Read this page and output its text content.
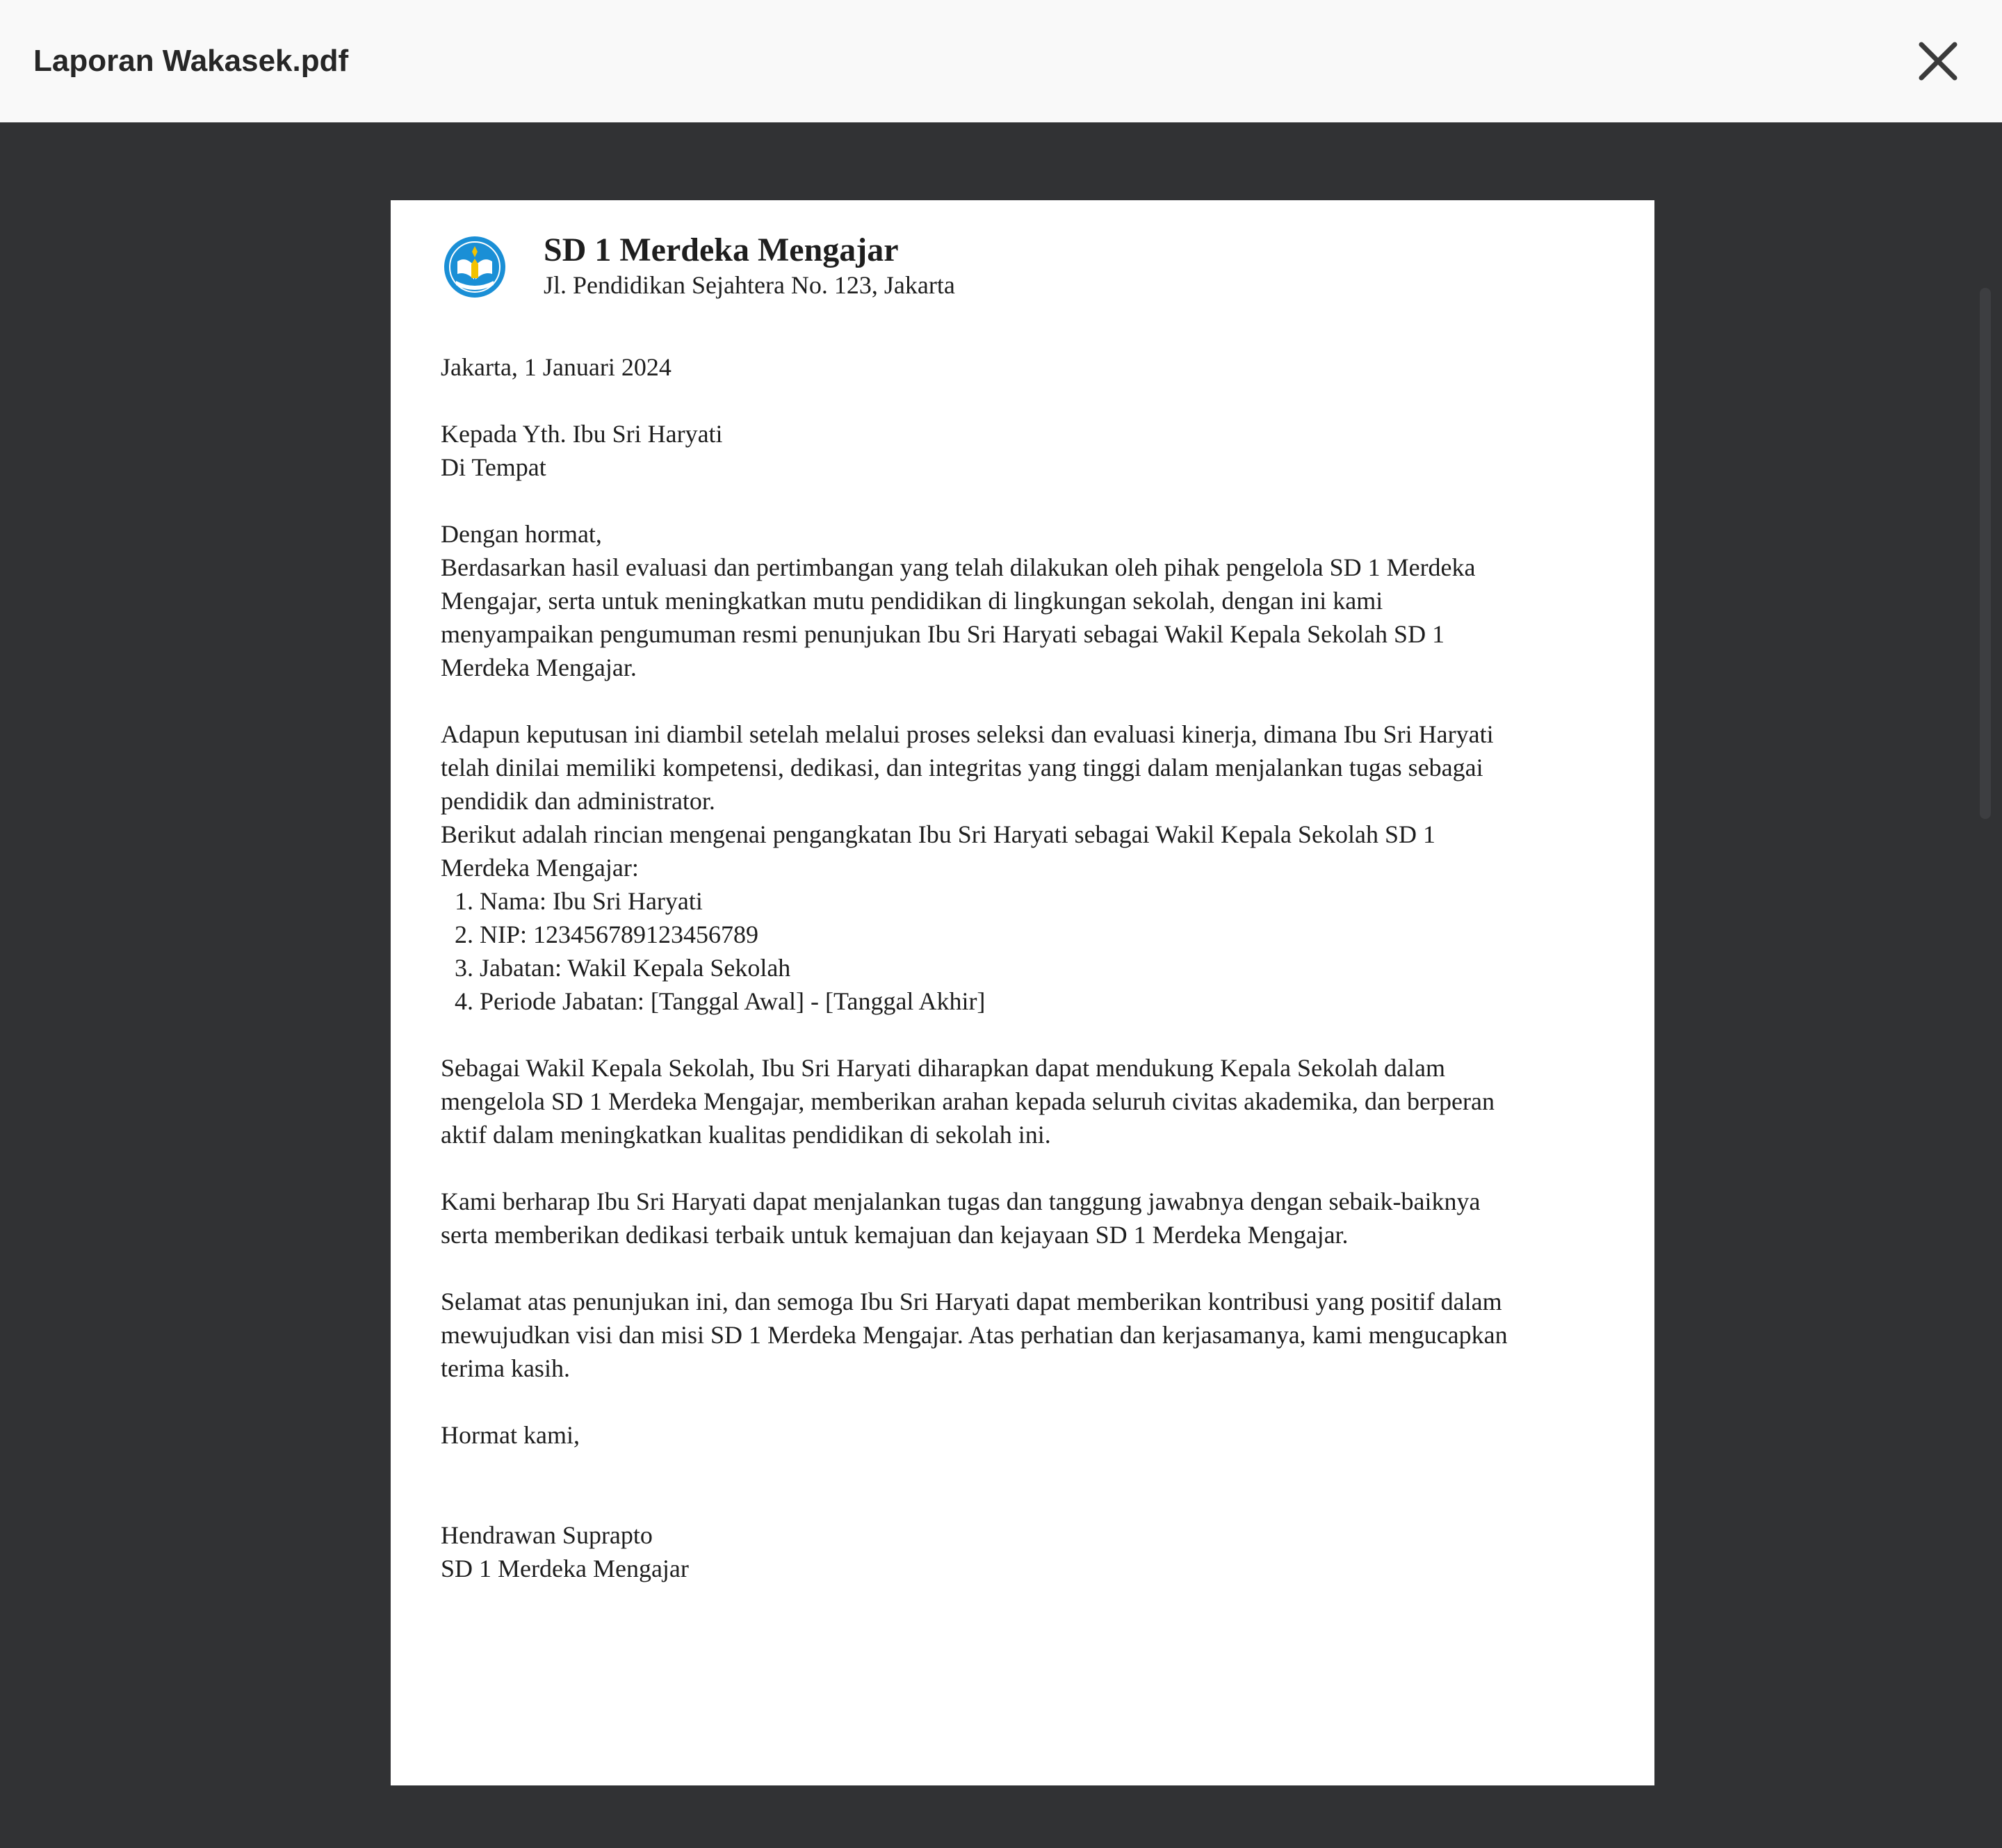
Laporan Wakasek.pdf
SD 1 Merdeka Mengajar
Jl. Pendidikan Sejahtera No. 123, Jakarta

Jakarta, 1 Januari 2024

Kepada Yth. Ibu Sri Haryati

Di Tempat

Dengan hormat,

Berdasarkan hasil evaluasi dan pertimbangan yang telah dilakukan oleh pihak pengelola SD 1 Merdeka Mengajar, serta untuk meningkatkan mutu pendidikan di lingkungan sekolah, dengan ini kami menyampaikan pengumuman resmi penunjukan Ibu Sri Haryati sebagai Wakil Kepala Sekolah SD 1 Merdeka Mengajar.

Adapun keputusan ini diambil setelah melalui proses seleksi dan evaluasi kinerja, dimana Ibu Sri Haryati telah dinilai memiliki kompetensi, dedikasi, dan integritas yang tinggi dalam menjalankan tugas sebagai pendidik dan administrator.

Berikut adalah rincian mengenai pengangkatan Ibu Sri Haryati sebagai Wakil Kepala Sekolah SD 1 Merdeka Mengajar:

1. Nama: Ibu Sri Haryati
2. NIP: 123456789123456789
3. Jabatan: Wakil Kepala Sekolah
4. Periode Jabatan: [Tanggal Awal] - [Tanggal Akhir]

Sebagai Wakil Kepala Sekolah, Ibu Sri Haryati diharapkan dapat mendukung Kepala Sekolah dalam mengelola SD 1 Merdeka Mengajar, memberikan arahan kepada seluruh civitas akademika, dan berperan aktif dalam meningkatkan kualitas pendidikan di sekolah ini.

Kami berharap Ibu Sri Haryati dapat menjalankan tugas dan tanggung jawabnya dengan sebaik-baiknya serta memberikan dedikasi terbaik untuk kemajuan dan kejayaan SD 1 Merdeka Mengajar.

Selamat atas penunjukan ini, dan semoga Ibu Sri Haryati dapat memberikan kontribusi yang positif dalam mewujudkan visi dan misi SD 1 Merdeka Mengajar. Atas perhatian dan kerjasamanya, kami mengucapkan terima kasih.

Hormat kami,

Hendrawan Suprapto

SD 1 Merdeka Mengajar
